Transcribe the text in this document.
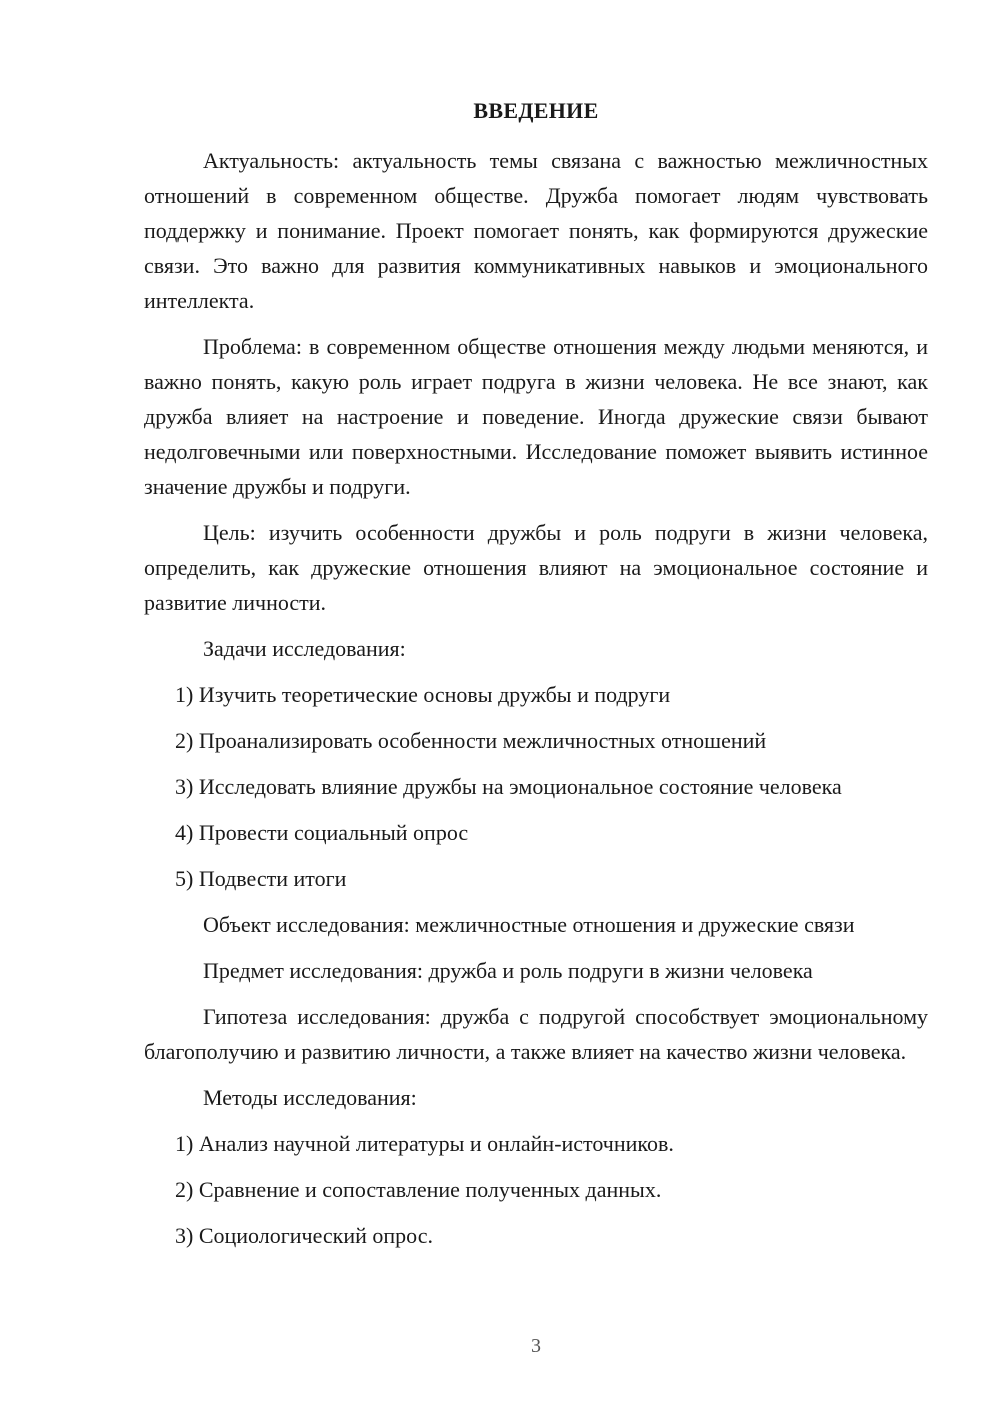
ВВЕДЕНИЕ

Актуальность: актуальность темы связана с важностью межличностных отношений в современном обществе. Дружба помогает людям чувствовать поддержку и понимание. Проект помогает понять, как формируются дружеские связи. Это важно для развития коммуникативных навыков и эмоционального интеллекта.

Проблема: в современном обществе отношения между людьми меняются, и важно понять, какую роль играет подруга в жизни человека. Не все знают, как дружба влияет на настроение и поведение. Иногда дружеские связи бывают недолговечными или поверхностными. Исследование поможет выявить истинное значение дружбы и подруги.

Цель: изучить особенности дружбы и роль подруги в жизни человека, определить, как дружеские отношения влияют на эмоциональное состояние и развитие личности.

Задачи исследования:

1) Изучить теоретические основы дружбы и подруги

2) Проанализировать особенности межличностных отношений

3) Исследовать влияние дружбы на эмоциональное состояние человека

4) Провести социальный опрос

5) Подвести итоги

Объект исследования: межличностные отношения и дружеские связи

Предмет исследования: дружба и роль подруги в жизни человека

Гипотеза исследования: дружба с подругой способствует эмоциональному благополучию и развитию личности, а также влияет на качество жизни человека.

Методы исследования:

1) Анализ научной литературы и онлайн-источников.

2) Сравнение и сопоставление полученных данных.

3) Социологический опрос.

3
